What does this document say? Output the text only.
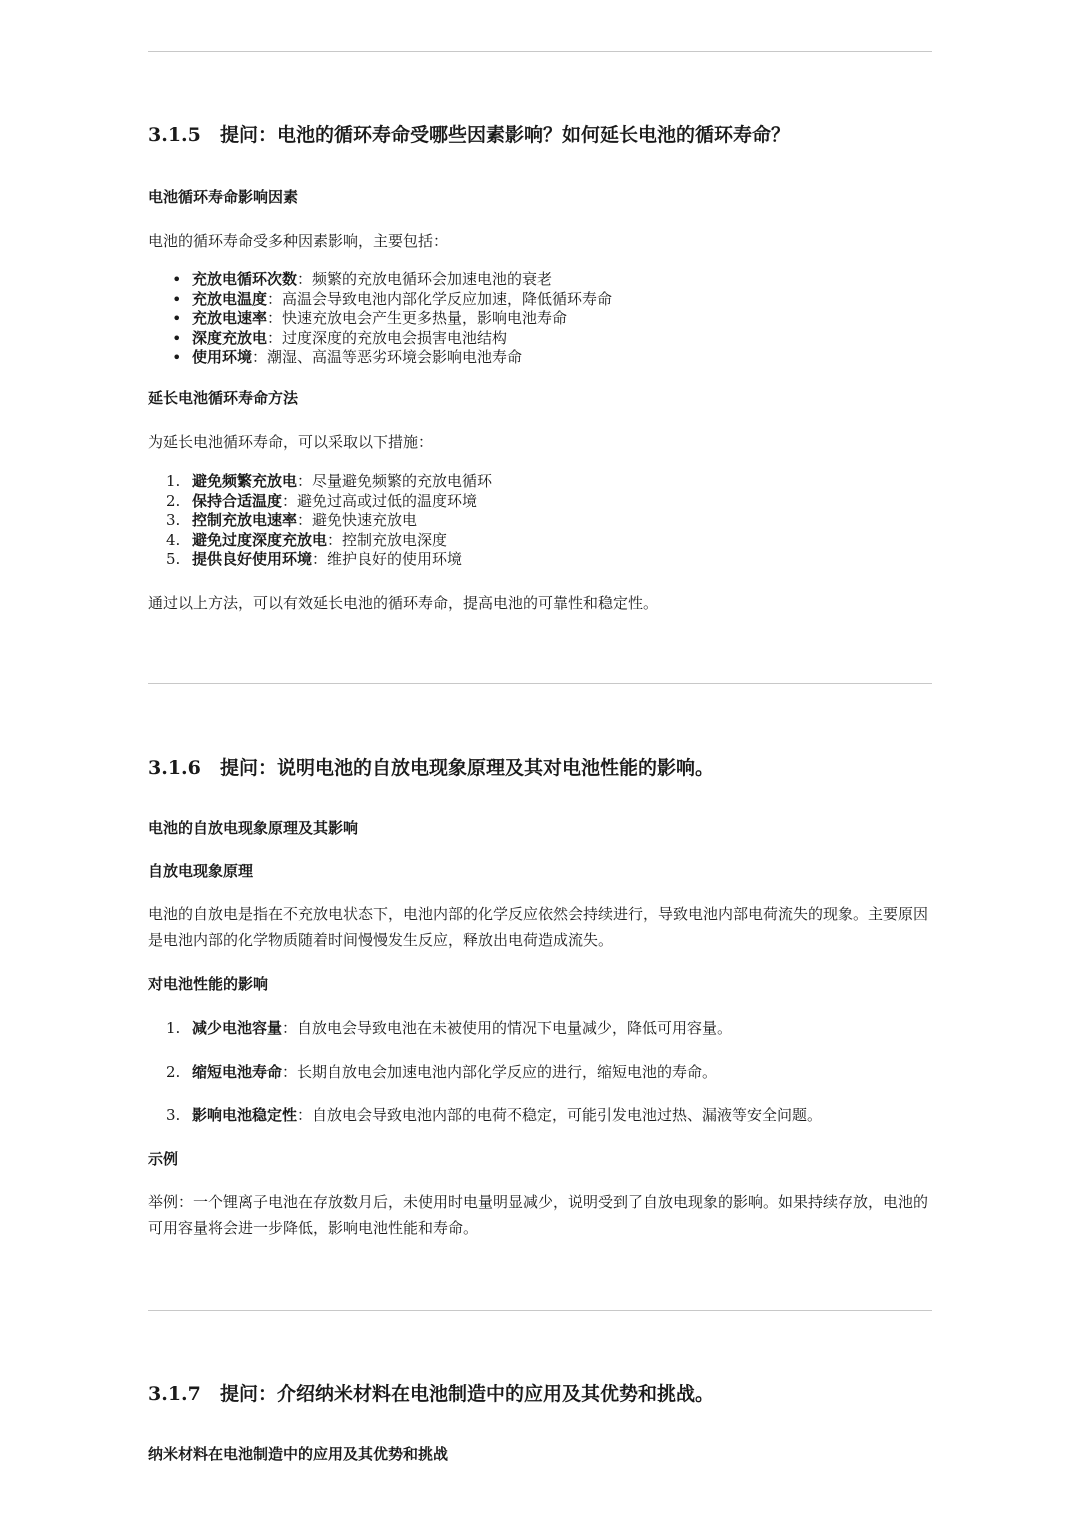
3.1.5 提问：电池的循环寿命受哪些因素影响？如何延长电池的循环寿命？
电池循环寿命影响因素

电池的循环寿命受多种因素影响，主要包括：

• 充放电循环次数：频繁的充放电循环会加速电池的衰老
• 充放电温度：高温会导致电池内部化学反应加速，降低循环寿命
• 充放电速率：快速充放电会产生更多热量，影响电池寿命
• 深度充放电：过度深度的充放电会损害电池结构
• 使用环境：潮湿、高温等恶劣环境会影响电池寿命
延长电池循环寿命方法

为延长电池循环寿命，可以采取以下措施：

1. 避免频繁充放电：尽量避免频繁的充放电循环
2. 保持合适温度：避免过高或过低的温度环境
3. 控制充放电速率：避免快速充放电
4. 避免过度深度充放电：控制充放电深度
5. 提供良好使用环境：维护良好的使用环境

通过以上方法，可以有效延长电池的循环寿命，提高电池的可靠性和稳定性。

3.1.6 提问：说明电池的自放电现象原理及其对电池性能的影响。
电池的自放电现象原理及其影响
自放电现象原理

电池的自放电是指在不充放电状态下，电池内部的化学反应依然会持续进行，导致电池内部电荷流失的现象。主要原因是电池内部的化学物质随着时间慢慢发生反应，释放出电荷造成流失。

对电池性能的影响
1. 减少电池容量：自放电会导致电池在未被使用的情况下电量减少，降低可用容量。
2. 缩短电池寿命：长期自放电会加速电池内部化学反应的进行，缩短电池的寿命。
3. 影响电池稳定性：自放电会导致电池内部的电荷不稳定，可能引发电池过热、漏液等安全问题。
示例

举例：一个锂离子电池在存放数月后，未使用时电量明显减少，说明受到了自放电现象的影响。如果持续存放，电池的可用容量将会进一步降低，影响电池性能和寿命。

3.1.7 提问：介绍纳米材料在电池制造中的应用及其优势和挑战。
纳米材料在电池制造中的应用及其优势和挑战
